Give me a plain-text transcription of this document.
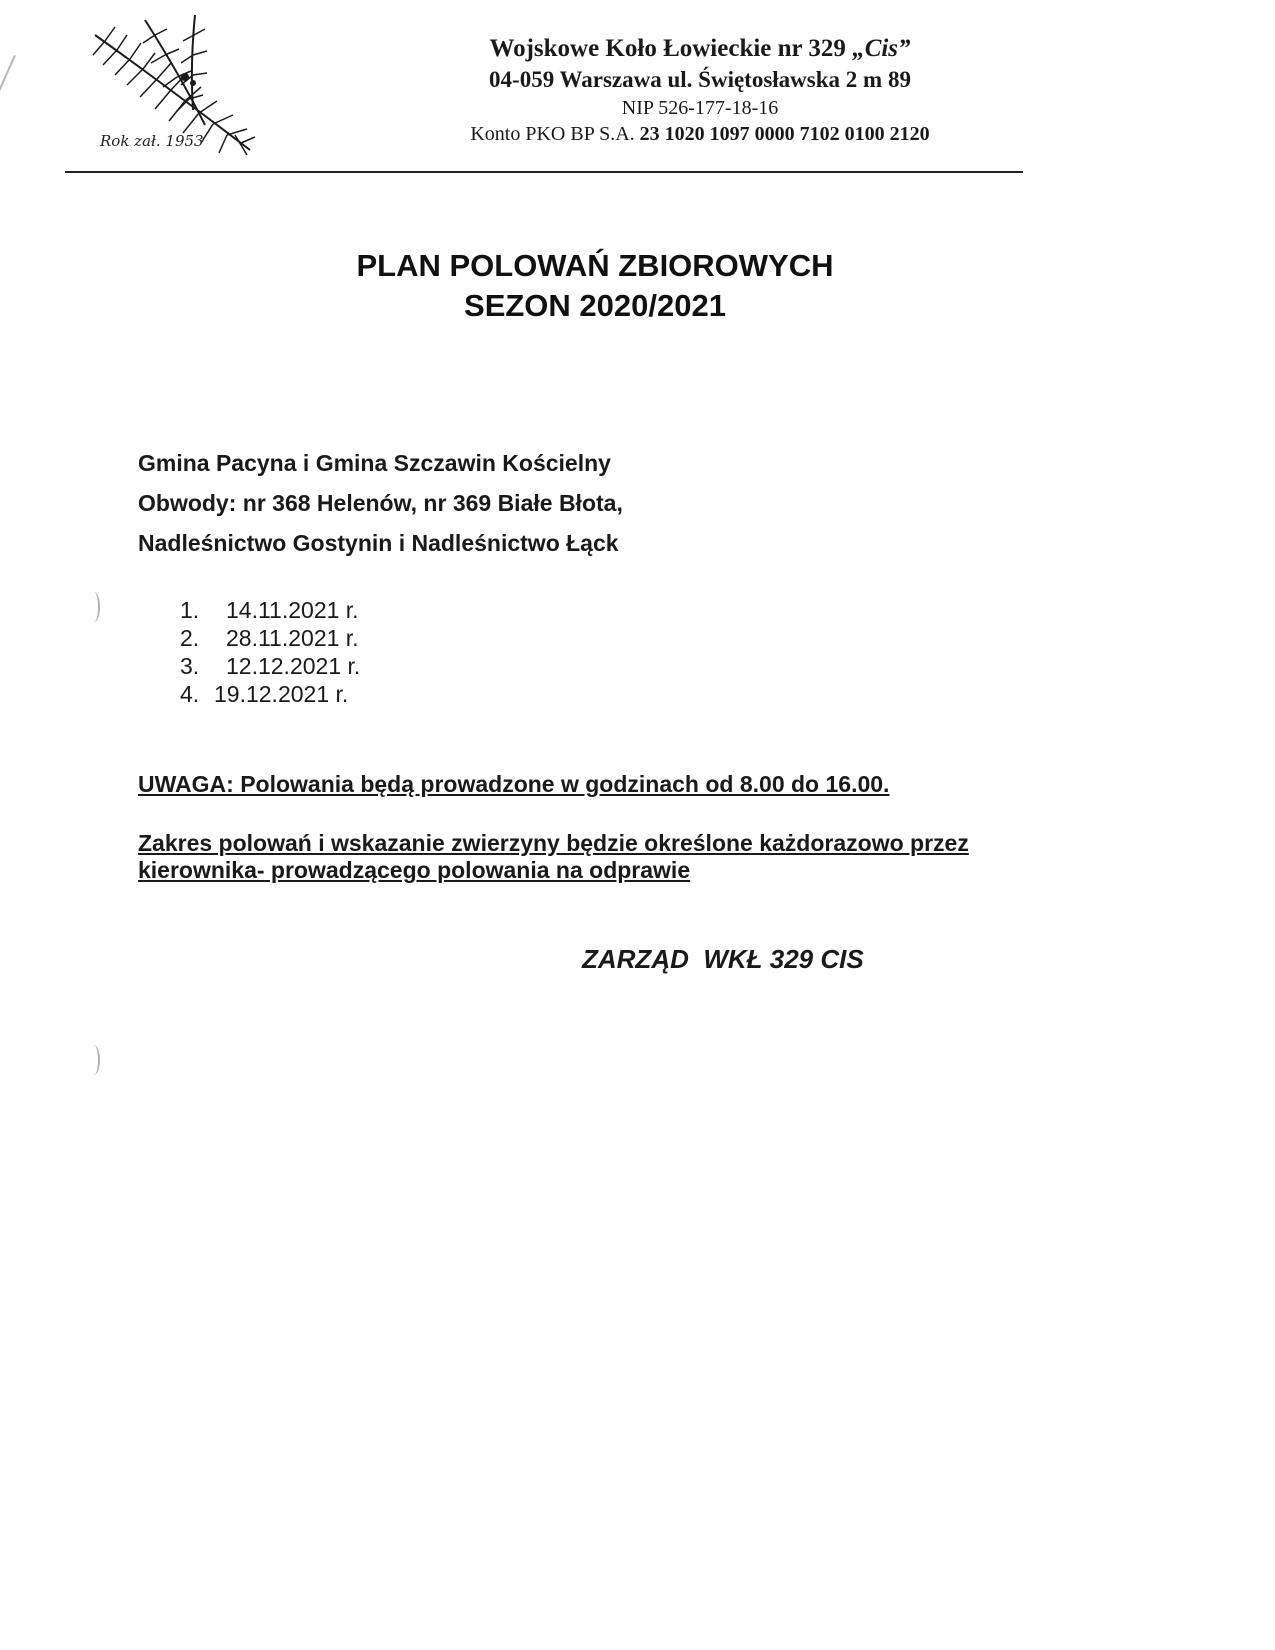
Rok zał. 1953
Wojskowe Koło Łowieckie nr 329 „Cis”
04-059 Warszawa ul. Świętosławska 2 m 89
NIP 526-177-18-16
Konto PKO BP S.A. 23 1020 1097 0000 7102 0100 2120
PLAN POLOWAŃ ZBIOROWYCH
SEZON 2020/2021
Gmina Pacyna i Gmina Szczawin Kościelny
Obwody: nr 368 Helenów, nr 369 Białe Błota,
Nadleśnictwo Gostynin i Nadleśnictwo Łąck
1. 14.11.2021 r.
2. 28.11.2021 r.
3. 12.12.2021 r.
4. 19.12.2021 r.
UWAGA: Polowania będą prowadzone w godzinach od 8.00 do 16.00.
Zakres polowań i wskazanie zwierzyny będzie określone każdorazowo przez kierownika- prowadzącego polowania na odprawie
ZARZĄD  WKŁ 329 CIS
